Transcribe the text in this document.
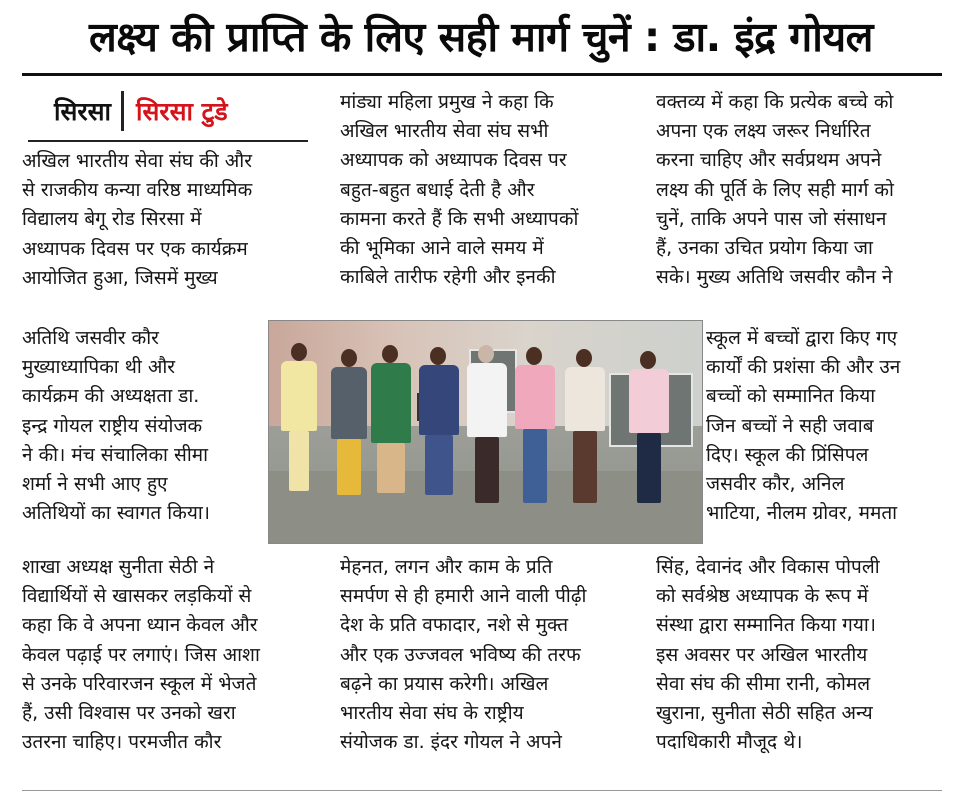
लक्ष्य की प्राप्ति के लिए सही मार्ग चुनें : डा. इंद्र गोयल
सिरसा	सिरसा टुडे
अखिल भारतीय सेवा संघ की और
से राजकीय कन्या वरिष्ठ माध्यमिक
विद्यालय बेगू रोड सिरसा में
अध्यापक दिवस पर एक कार्यक्रम
आयोजित हुआ, जिसमें मुख्य
अतिथि जसवीर कौर
मुख्याध्यापिका थी और
कार्यक्रम की अध्यक्षता डा.
इन्द्र गोयल राष्ट्रीय संयोजक
ने की। मंच संचालिका सीमा
शर्मा ने सभी आए हुए
अतिथियों का स्वागत किया।
शाखा अध्यक्ष सुनीता सेठी ने
विद्यार्थियों से खासकर लड़कियों से
कहा कि वे अपना ध्यान केवल और
केवल पढ़ाई पर लगाएं। जिस आशा
से उनके परिवारजन स्कूल में भेजते
हैं, उसी विश्वास पर उनको खरा
उतरना चाहिए। परमजीत कौर
मांड्या महिला प्रमुख ने कहा कि
अखिल भारतीय सेवा संघ सभी
अध्यापक को अध्यापक दिवस पर
बहुत-बहुत बधाई देती है और
कामना करते हैं कि सभी अध्यापकों
की भूमिका आने वाले समय में
काबिले तारीफ रहेगी और इनकी
मेहनत, लगन और काम के प्रति
समर्पण से ही हमारी आने वाली पीढ़ी
देश के प्रति वफादार, नशे से मुक्त
और एक उज्जवल भविष्य की तरफ
बढ़ने का प्रयास करेगी। अखिल
भारतीय सेवा संघ के राष्ट्रीय
संयोजक डा. इंदर गोयल ने अपने
वक्तव्य में कहा कि प्रत्येक बच्चे को
अपना एक लक्ष्य जरूर निर्धारित
करना चाहिए और सर्वप्रथम अपने
लक्ष्य की पूर्ति के लिए सही मार्ग को
चुनें, ताकि अपने पास जो संसाधन
हैं, उनका उचित प्रयोग किया जा
सके। मुख्य अतिथि जसवीर कौन ने
स्कूल में बच्चों द्वारा किए गए
कार्यों की प्रशंसा की और उन
बच्चों को सम्मानित किया
जिन बच्चों ने सही जवाब
दिए। स्कूल की प्रिंसिपल
जसवीर कौर, अनिल
भाटिया, नीलम ग्रोवर, ममता
सिंह, देवानंद और विकास पोपली
को सर्वश्रेष्ठ अध्यापक के रूप में
संस्था द्वारा सम्मानित किया गया।
इस अवसर पर अखिल भारतीय
सेवा संघ की सीमा रानी, कोमल
खुराना, सुनीता सेठी सहित अन्य
पदाधिकारी मौजूद थे।
